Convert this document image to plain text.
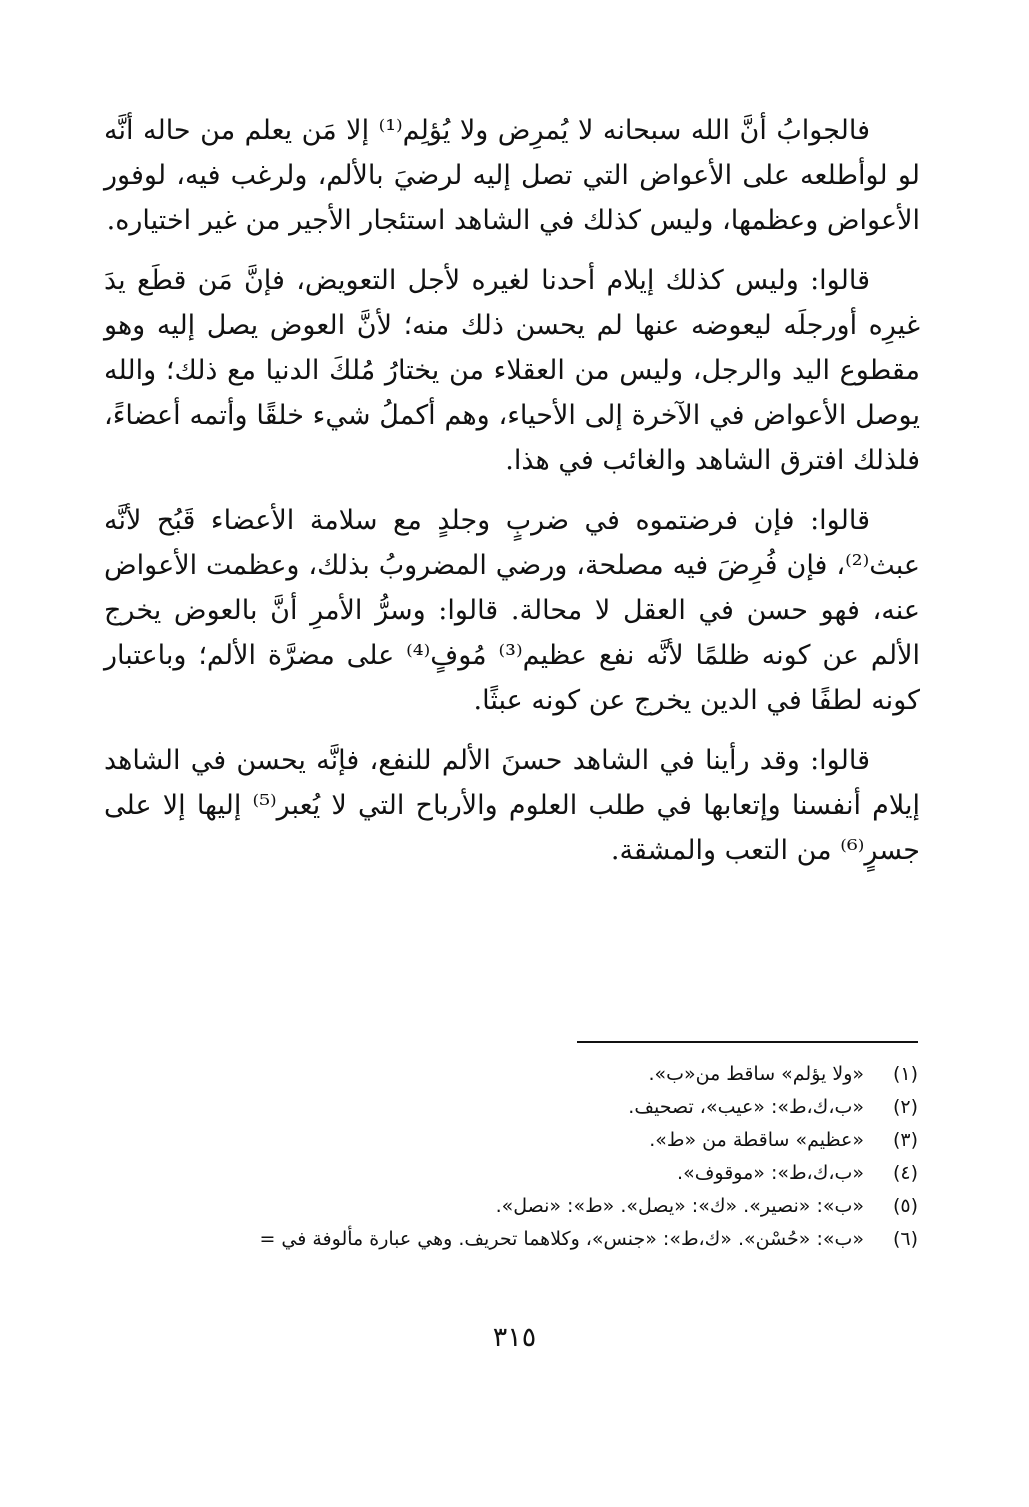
فالجوابُ أنَّ الله سبحانه لا يُمرِض ولا يُؤلِم⁽¹⁾ إلا مَن يعلم من حاله أنَّه لو لوأطلعه على الأعواض التي تصل إليه لرضيَ بالألم، ولرغب فيه، لوفور الأعواض وعظمها، وليس كذلك في الشاهد استئجار الأجير من غير اختياره.

قالوا: وليس كذلك إيلام أحدنا لغيره لأجل التعويض، فإنَّ مَن قطَع يدَ غيرِه أورجلَه ليعوضه عنها لم يحسن ذلك منه؛ لأنَّ العوض يصل إليه وهو مقطوع اليد والرجل، وليس من العقلاء من يختارُ مُلكَ الدنيا مع ذلك؛ والله يوصل الأعواض في الآخرة إلى الأحياء، وهم أكملُ شيء خلقًا وأتمه أعضاءً، فلذلك افترق الشاهد والغائب في هذا.

قالوا: فإن فرضتموه في ضربٍ وجلدٍ مع سلامة الأعضاء قَبُح لأنَّه عبث⁽²⁾، فإن فُرِضَ فيه مصلحة، ورضي المضروبُ بذلك، وعظمت الأعواض عنه، فهو حسن في العقل لا محالة. قالوا: وسرُّ الأمرِ أنَّ بالعوض يخرج الألم عن كونه ظلمًا لأنَّه نفع عظيم⁽³⁾ مُوفٍ⁽⁴⁾ على مضرَّة الألم؛ وباعتبار كونه لطفًا في الدين يخرج عن كونه عبثًا.

قالوا: وقد رأينا في الشاهد حسنَ الألم للنفع، فإنَّه يحسن في الشاهد إيلام أنفسنا وإتعابها في طلب العلوم والأرباح التي لا يُعبر⁽⁵⁾ إليها إلا على جسرٍ⁽⁶⁾ من التعب والمشقة.

(١)
«ولا يؤلم» ساقط من«ب».
(٢)
«ب،ك،ط»: «عيب»، تصحيف.
(٣)
«عظيم» ساقطة من «ط».
(٤)
«ب،ك،ط»: «موقوف».
(٥)
«ب»: «نصير». «ك»: «يصل». «ط»: «نصل».
(٦)
«ب»: «حُسْن». «ك،ط»: «جنس»، وكلاهما تحريف. وهي عبارة مألوفة في =
٣١٥
